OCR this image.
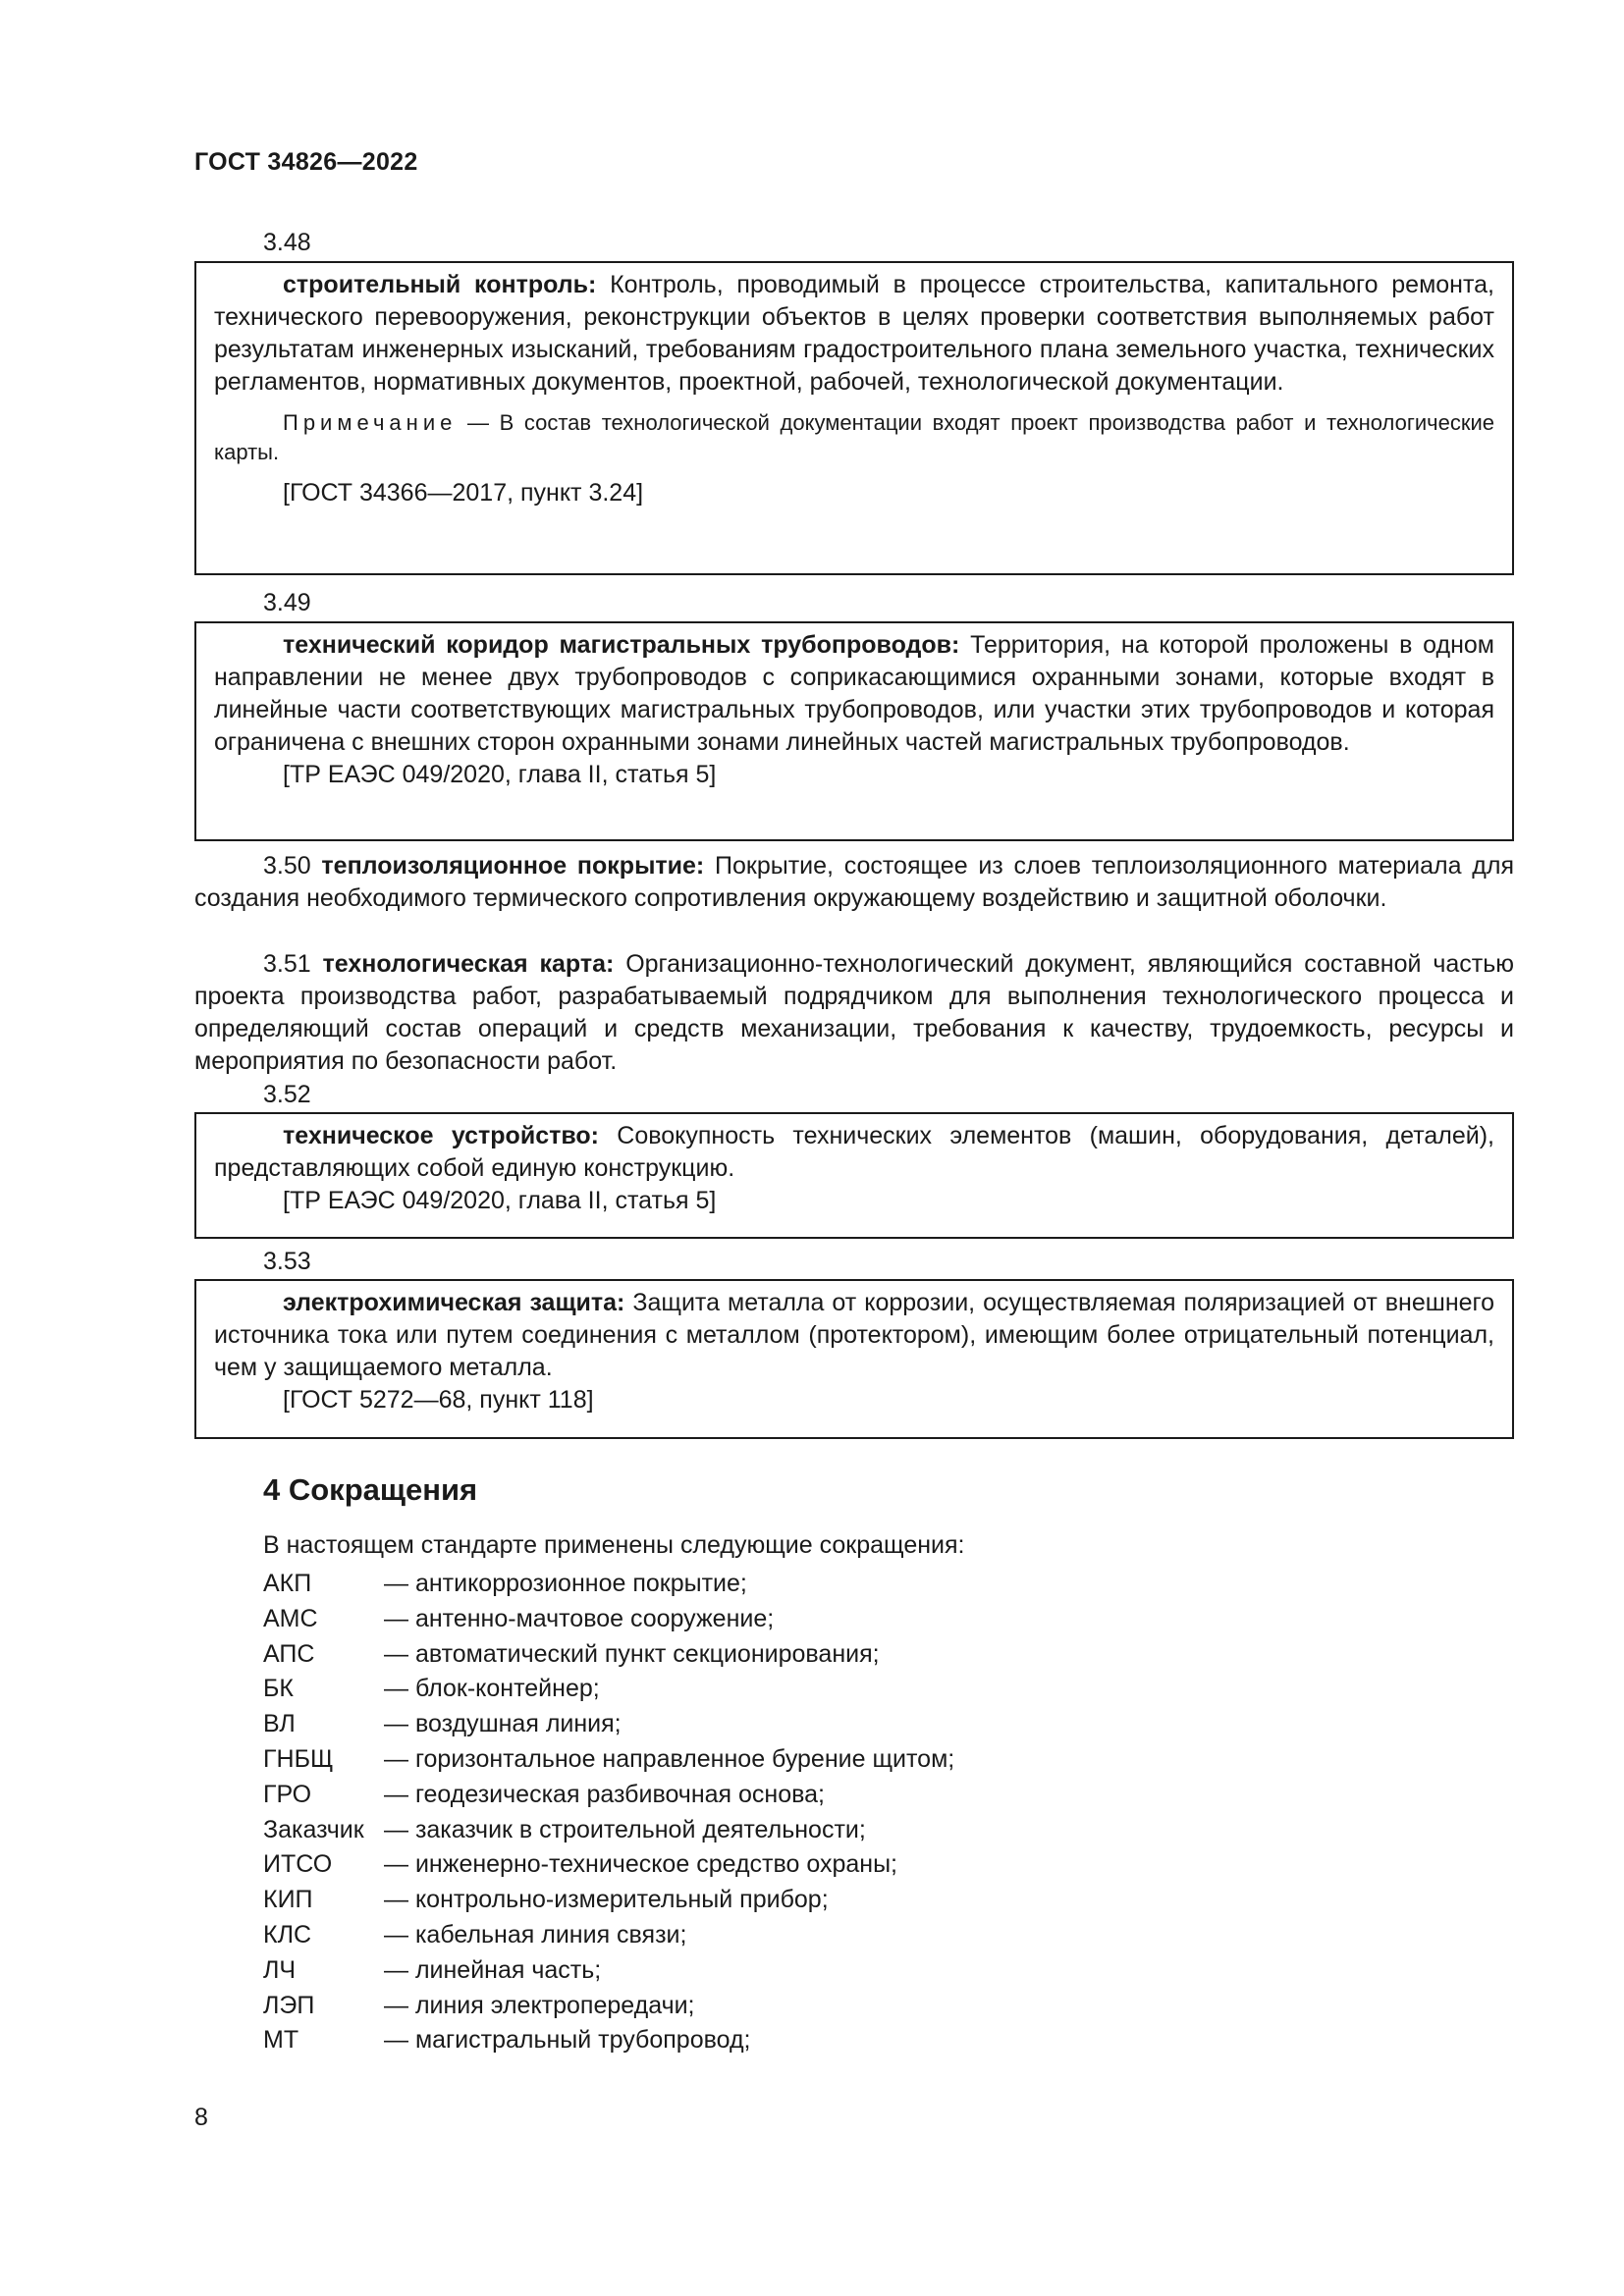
ГОСТ 34826—2022
3.48

строительный контроль: Контроль, проводимый в процессе строительства, капитального ремонта, технического перевооружения, реконструкции объектов в целях проверки соответствия выполняемых работ результатам инженерных изысканий, требованиям градостроительного плана земельного участка, технических регламентов, нормативных документов, проектной, рабочей, технологической документации.

Примечание — В состав технологической документации входят проект производства работ и технологические карты.

[ГОСТ 34366—2017, пункт 3.24]

3.49

технический коридор магистральных трубопроводов: Территория, на которой проложены в одном направлении не менее двух трубопроводов с соприкасающимися охранными зонами, которые входят в линейные части соответствующих магистральных трубопроводов, или участки этих трубопроводов и которая ограничена с внешних сторон охранными зонами линейных частей магистральных трубопроводов.

[ТР ЕАЭС 049/2020, глава II, статья 5]

3.50 теплоизоляционное покрытие: Покрытие, состоящее из слоев теплоизоляционного материала для создания необходимого термического сопротивления окружающему воздействию и защитной оболочки.

3.51 технологическая карта: Организационно-технологический документ, являющийся составной частью проекта производства работ, разрабатываемый подрядчиком для выполнения технологического процесса и определяющий состав операций и средств механизации, требования к качеству, трудоемкость, ресурсы и мероприятия по безопасности работ.

3.52

техническое устройство: Совокупность технических элементов (машин, оборудования, деталей), представляющих собой единую конструкцию.

[ТР ЕАЭС 049/2020, глава II, статья 5]

3.53

электрохимическая защита: Защита металла от коррозии, осуществляемая поляризацией от внешнего источника тока или путем соединения с металлом (протектором), имеющим более отрицательный потенциал, чем у защищаемого металла.

[ГОСТ 5272—68, пункт 118]

4 Сокращения
В настоящем стандарте применены следующие сокращения:
АКП	— антикоррозионное покрытие;
АМС	— антенно-мачтовое сооружение;
АПС	— автоматический пункт секционирования;
БК	— блок-контейнер;
ВЛ	— воздушная линия;
ГНБЩ	— горизонтальное направленное бурение щитом;
ГРО	— геодезическая разбивочная основа;
Заказчик — заказчик в строительной деятельности;
ИТСО	— инженерно-техническое средство охраны;
КИП	— контрольно-измерительный прибор;
КЛС	— кабельная линия связи;
ЛЧ	— линейная часть;
ЛЭП	— линия электропередачи;
МТ	— магистральный трубопровод;
8
